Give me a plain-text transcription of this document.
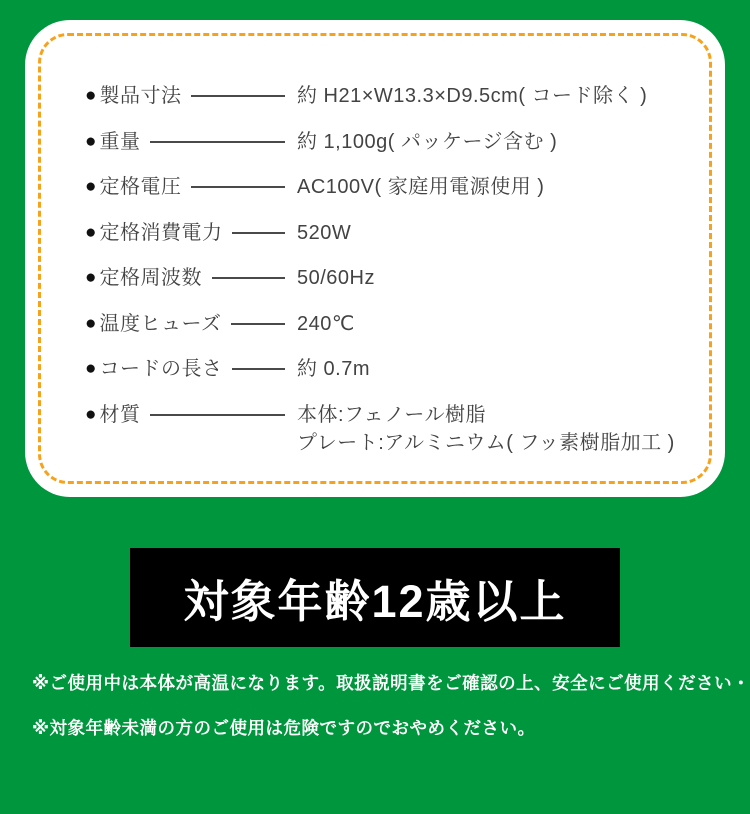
● 製品寸法	約 H21×W13.3×D9.5cm( コード除く )
● 重量	約 1,100g( パッケージ含む )
● 定格電圧	AC100V( 家庭用電源使用 )
● 定格消費電力	520W
● 定格周波数	50/60Hz
● 温度ヒューズ	240℃
● コードの長さ	約 0.7m
● 材質	本体:フェノール樹脂
プレート:アルミニウム( フッ素樹脂加工 )
対象年齢12歳以上

※ご使用中は本体が高温になります。取扱説明書をご確認の上、安全にご使用ください・

※対象年齢未満の方のご使用は危険ですのでおやめください。
